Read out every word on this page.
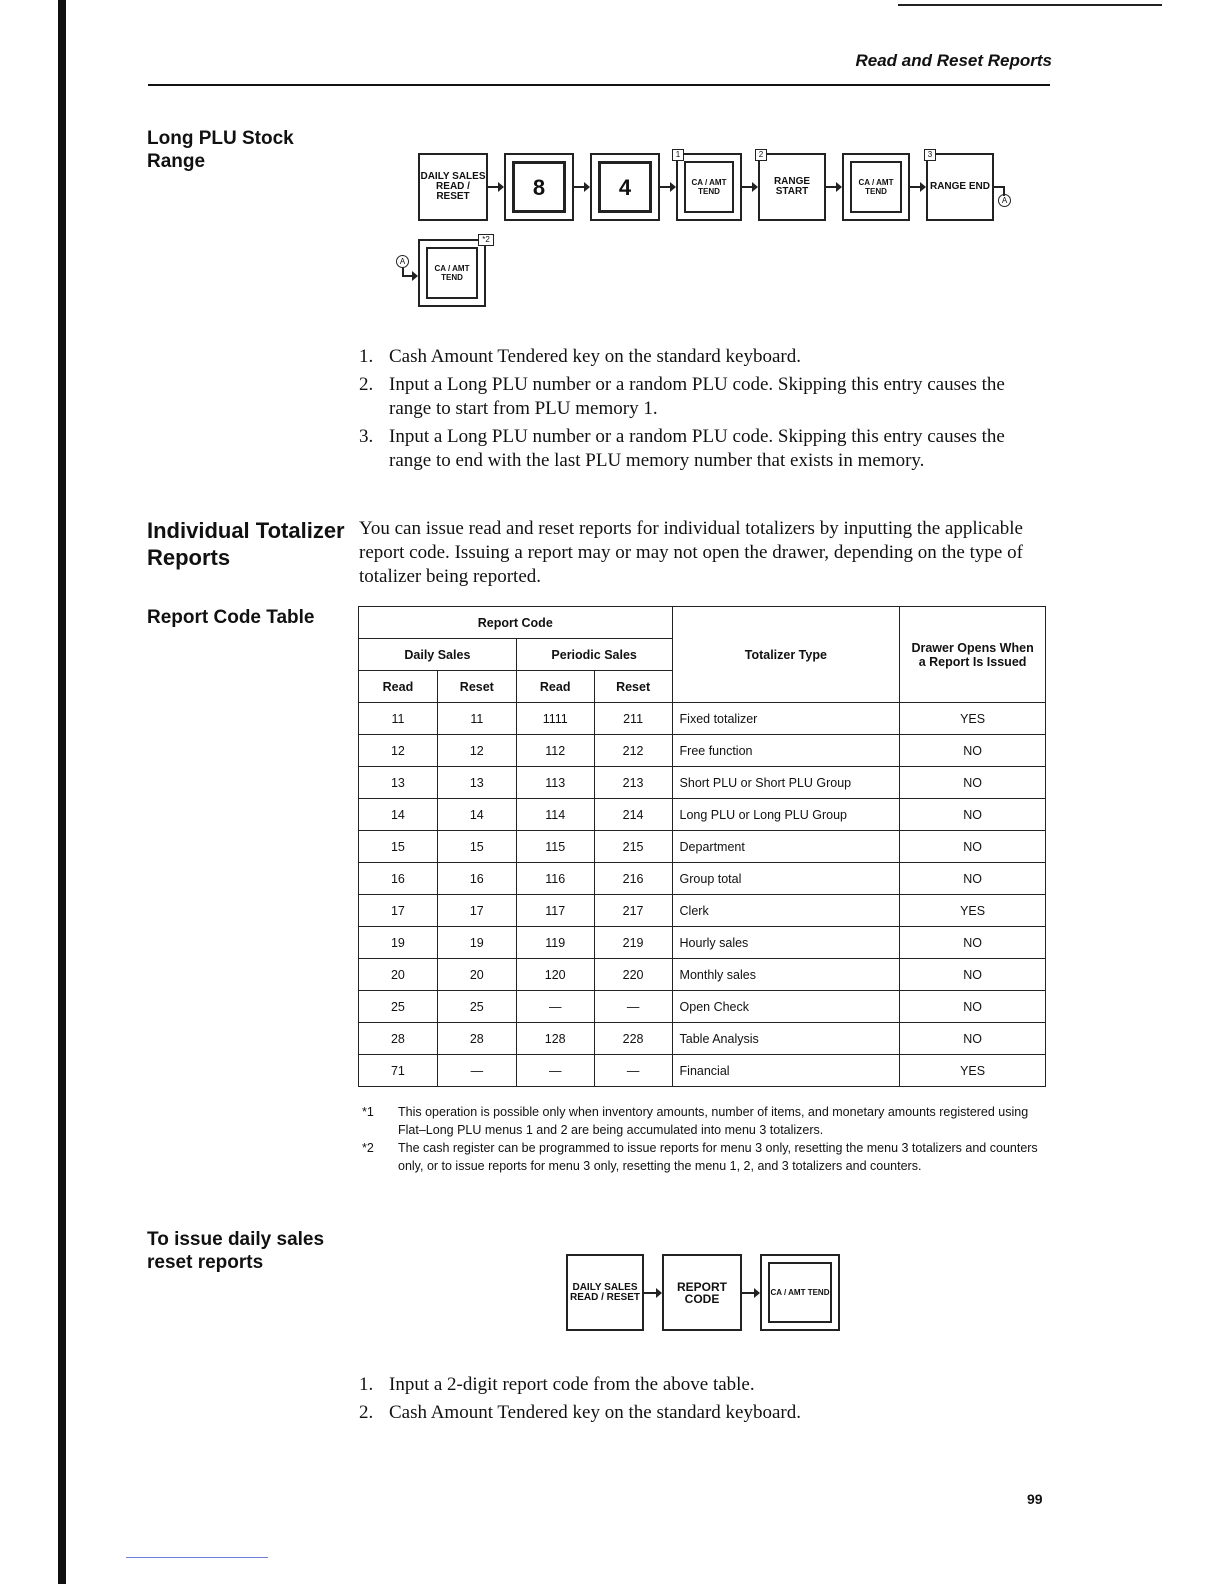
Read and Reset Reports
Long PLU Stock
Range
DAILY SALES READ / RESET	8	4	CA / AMT TEND
1
RANGE START
2
CA / AMT TEND	RANGE END
3
A
A
CA / AMT TEND
*2
1. Cash Amount Tendered key on the standard keyboard.
2. Input a Long PLU number or a random PLU code. Skipping this entry causes the range to start from PLU memory 1.
3. Input a Long PLU number or a random PLU code. Skipping this entry causes the range to end with the last PLU memory number that exists in memory.
Individual Totalizer
Reports
You can issue read and reset reports for individual totalizers by inputting the applicable report code. Issuing a report may or may not open the drawer, depending on the type of totalizer being reported.
Report Code Table	Report Code				Totalizer Type	Drawer Opens When a Report Is Issued
Daily Sales		Periodic Sales			
Read	Reset	Read	Reset		
11	11	1111	211	Fixed totalizer	YES
12	12	112	212	Free function	NO
13	13	113	213	Short PLU or Short PLU Group	NO
14	14	114	214	Long PLU or Long PLU Group	NO
15	15	115	215	Department	NO
16	16	116	216	Group total	NO
17	17	117	217	Clerk	YES
19	19	119	219	Hourly sales	NO
20	20	120	220	Monthly sales	NO
25	25	—	—	Open Check	NO
28	28	128	228	Table Analysis	NO
71	—	—	—	Financial	YES
*1 This operation is possible only when inventory amounts, number of items, and monetary amounts registered using Flat–Long PLU menus 1 and 2 are being accumulated into menu 3 totalizers.
*2 The cash register can be programmed to issue reports for menu 3 only, resetting the menu 3 totalizers and counters only, or to issue reports for menu 3 only, resetting the menu 1, 2, and 3 totalizers and counters.
To issue daily sales
reset reports
DAILY SALES READ / RESET
REPORT CODE	CA / AMT TEND
1. Input a 2-digit report code from the above table.
2. Cash Amount Tendered key on the standard keyboard.
99
